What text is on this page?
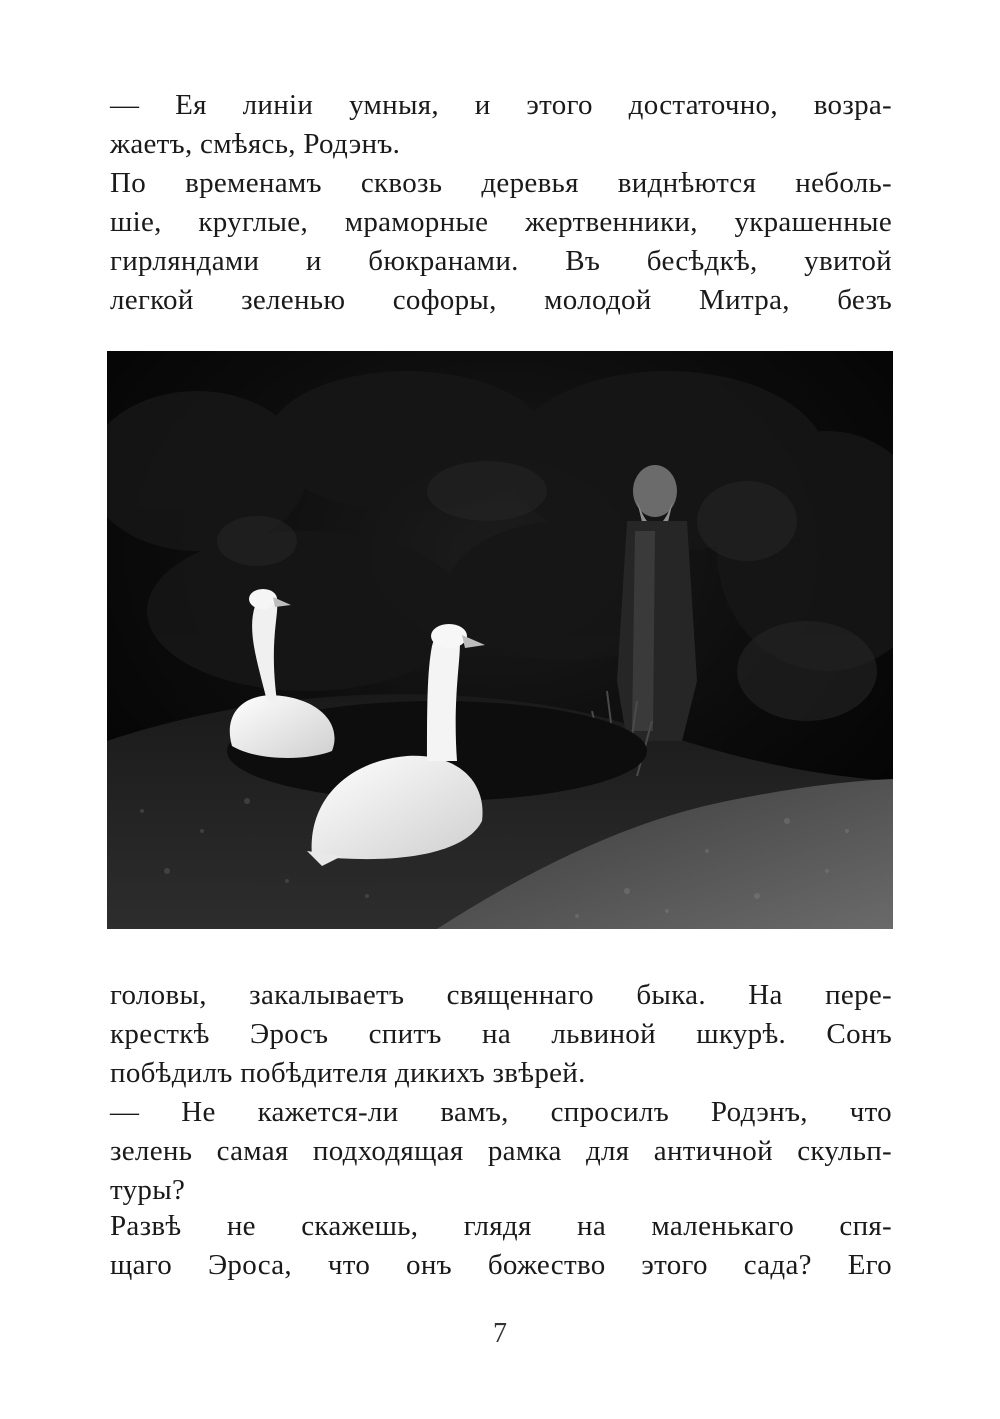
— Ея линіи умныя, и этого достаточно, возра-
жаетъ, смѣясь, Родэнъ.

По временамъ сквозь деревья виднѣются неболь-
шіе, круглые, мраморные жертвенники, украшенные
гирляндами и бюкранами. Въ бесѣдкѣ, увитой
легкой зеленью софоры, молодой Митра, безъ

головы, закалываетъ священнаго быка. На пере-
кресткѣ Эросъ спитъ на львиной шкурѣ. Сонъ
побѣдилъ побѣдителя дикихъ звѣрей.

— Не кажется-ли вамъ, спросилъ Родэнъ, что
зелень самая подходящая рамка для античной скульп-
туры?

Развѣ не скажешь, глядя на маленькаго спя-
щаго Эроса, что онъ божество этого сада? Его

7
